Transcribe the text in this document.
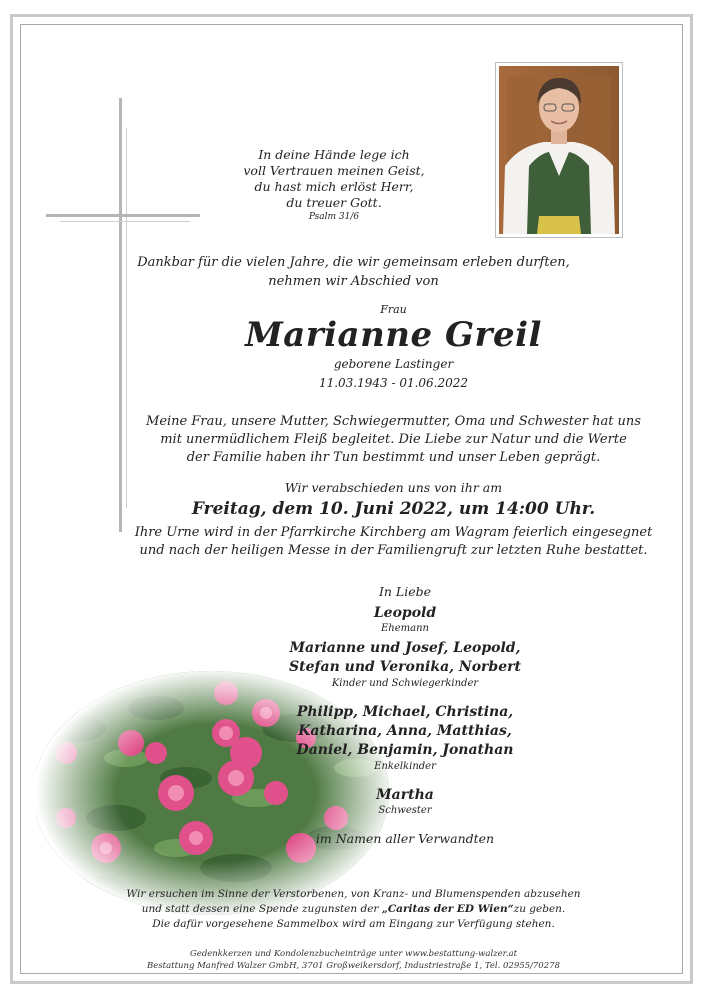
In deine Hände lege ich
voll Vertrauen meinen Geist,
du hast mich erlöst Herr,
du treuer Gott.
Psalm 31/6
Dankbar für die vielen Jahre, die wir gemeinsam erleben durften,
nehmen wir Abschied von
Frau
Marianne Greil
geborene Lastinger
11.03.1943 - 01.06.2022
Meine Frau, unsere Mutter, Schwiegermutter, Oma und Schwester hat uns
mit unermüdlichem Fleiß begleitet. Die Liebe zur Natur und die Werte
der Familie haben ihr Tun bestimmt und unser Leben geprägt.
Wir verabschieden uns von ihr am
Freitag, dem 10. Juni 2022, um 14:00 Uhr.
Ihre Urne wird in der Pfarrkirche Kirchberg am Wagram feierlich eingesegnet
und nach der heiligen Messe in der Familiengruft zur letzten Ruhe bestattet.
In Liebe
Leopold
Ehemann
Marianne und Josef, Leopold,
Stefan und Veronika, Norbert
Kinder und Schwiegerkinder
Philipp, Michael, Christina,
Katharina, Anna, Matthias,
Daniel, Benjamin, Jonathan
Enkelkinder
Martha
Schwester
im Namen aller Verwandten
Wir ersuchen im Sinne der Verstorbenen, von Kranz- und Blumenspenden abzusehen
und statt dessen eine Spende zugunsten der „Caritas der ED Wien“zu geben.
Die dafür vorgesehene Sammelbox wird am Eingang zur Verfügung stehen.
Gedenkkerzen und Kondolenzbucheinträge unter www.bestattung-walzer.at
Bestattung Manfred Walzer GmbH, 3701 Großweikersdorf, Industriestraße 1, Tel. 02955/70278
